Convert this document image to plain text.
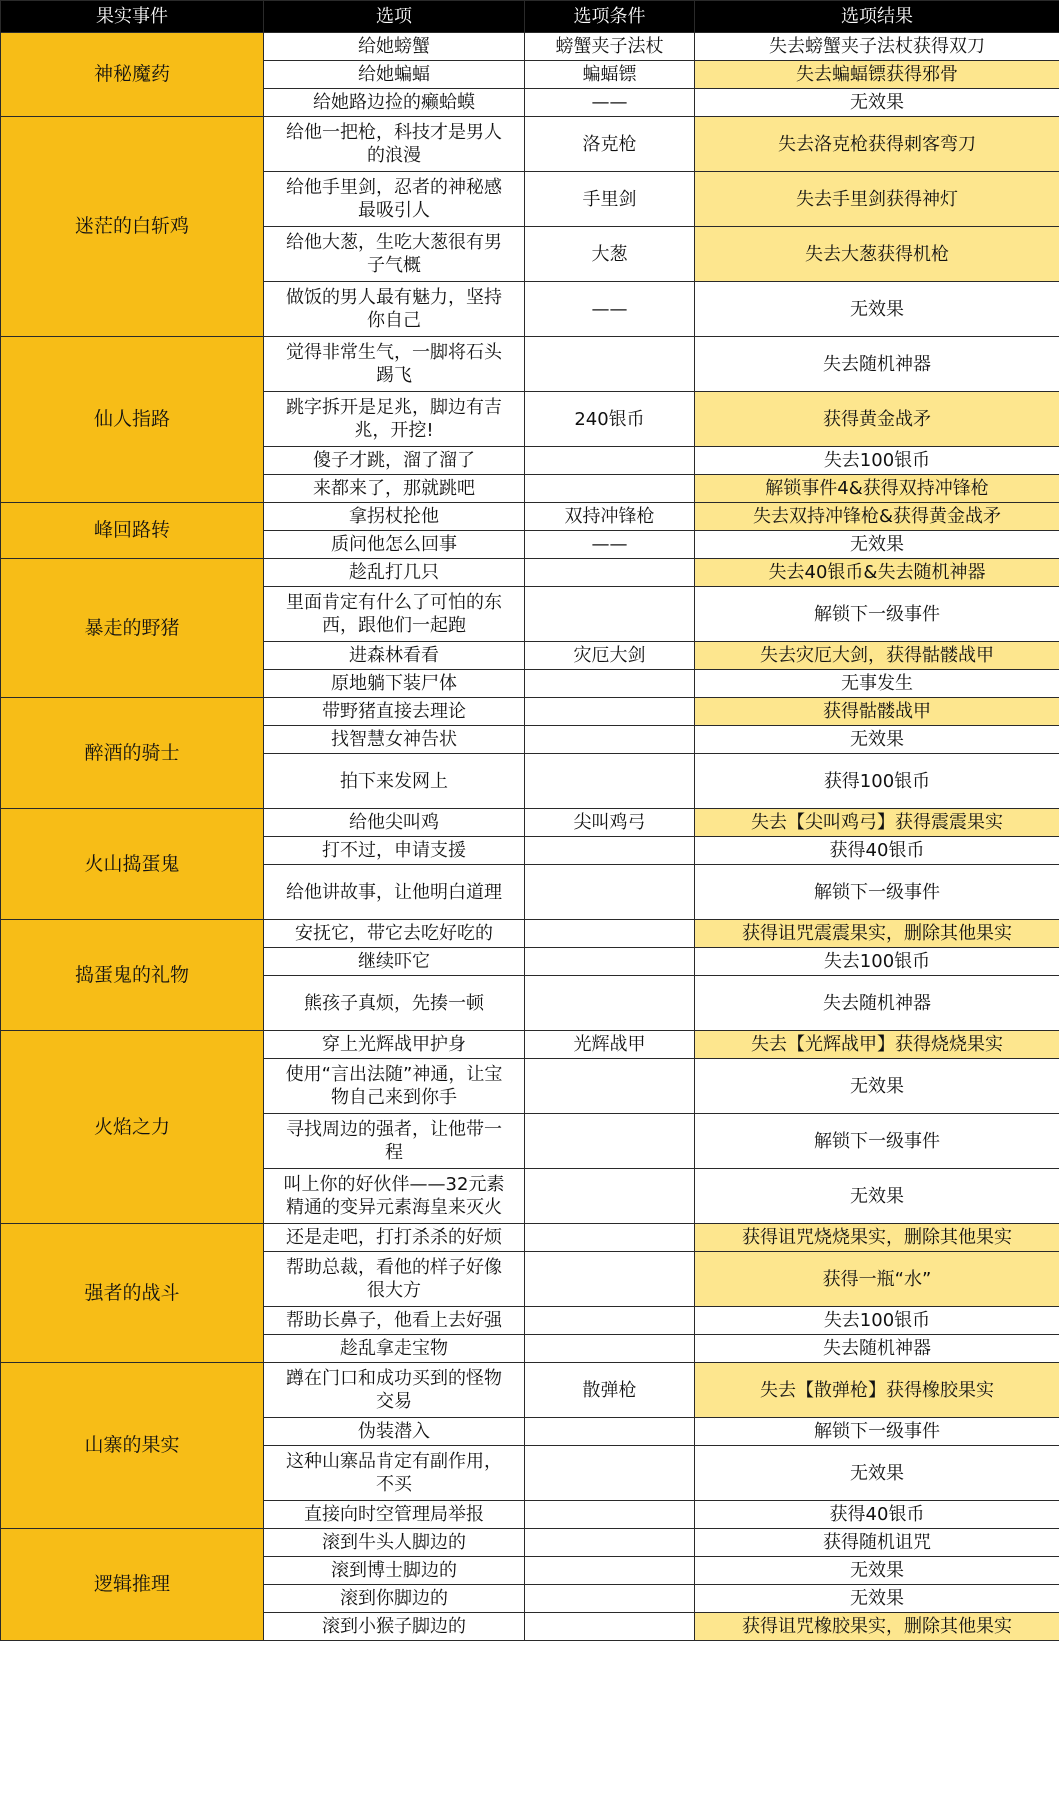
果实事件	选项	选项条件	选项结果
神秘魔药	给她螃蟹	螃蟹夹子法杖	失去螃蟹夹子法杖获得双刀
	给她蝙蝠	蝙蝠镖	失去蝙蝠镖获得邪骨
	给她路边捡的癞蛤蟆	——	无效果
迷茫的白斩鸡	给他一把枪，科技才是男人的浪漫	洛克枪	失去洛克枪获得刺客弯刀
	给他手里剑，忍者的神秘感最吸引人	手里剑	失去手里剑获得神灯
	给他大葱，生吃大葱很有男子气概	大葱	失去大葱获得机枪
	做饭的男人最有魅力，坚持你自己	——	无效果
仙人指路	觉得非常生气，一脚将石头踢飞		失去随机神器
	跳字拆开是足兆，脚边有吉兆，开挖!	240银币	获得黄金战矛
	傻子才跳，溜了溜了		失去100银币
	来都来了，那就跳吧		解锁事件4&获得双持冲锋枪
峰回路转	拿拐杖抡他	双持冲锋枪	失去双持冲锋枪&获得黄金战矛
	质问他怎么回事	——	无效果
暴走的野猪	趁乱打几只		失去40银币&失去随机神器
	里面肯定有什么了可怕的东西，跟他们一起跑		解锁下一级事件
	进森林看看	灾厄大剑	失去灾厄大剑，获得骷髅战甲
	原地躺下装尸体		无事发生
醉酒的骑士	带野猪直接去理论		获得骷髅战甲
	找智慧女神告状		无效果
	拍下来发网上		获得100银币
火山捣蛋鬼	给他尖叫鸡	尖叫鸡弓	失去【尖叫鸡弓】获得震震果实
	打不过，申请支援		获得40银币
	给他讲故事，让他明白道理		解锁下一级事件
捣蛋鬼的礼物	安抚它，带它去吃好吃的		获得诅咒震震果实，删除其他果实
	继续吓它		失去100银币
	熊孩子真烦，先揍一顿		失去随机神器
火焰之力	穿上光辉战甲护身	光辉战甲	失去【光辉战甲】获得烧烧果实
	使用“言出法随”神通，让宝物自己来到你手		无效果
	寻找周边的强者，让他带一程		解锁下一级事件
	叫上你的好伙伴——32元素精通的变异元素海皇来灭火		无效果
强者的战斗	还是走吧，打打杀杀的好烦		获得诅咒烧烧果实，删除其他果实
	帮助总裁，看他的样子好像很大方		获得一瓶“水”
	帮助长鼻子，他看上去好强		失去100银币
	趁乱拿走宝物		失去随机神器
山寨的果实	蹲在门口和成功买到的怪物交易	散弹枪	失去【散弹枪】获得橡胶果实
	伪装潜入		解锁下一级事件
	这种山寨品肯定有副作用，不买		无效果
	直接向时空管理局举报		获得40银币
逻辑推理	滚到牛头人脚边的		获得随机诅咒
	滚到博士脚边的		无效果
	滚到你脚边的		无效果
	滚到小猴子脚边的		获得诅咒橡胶果实，删除其他果实
